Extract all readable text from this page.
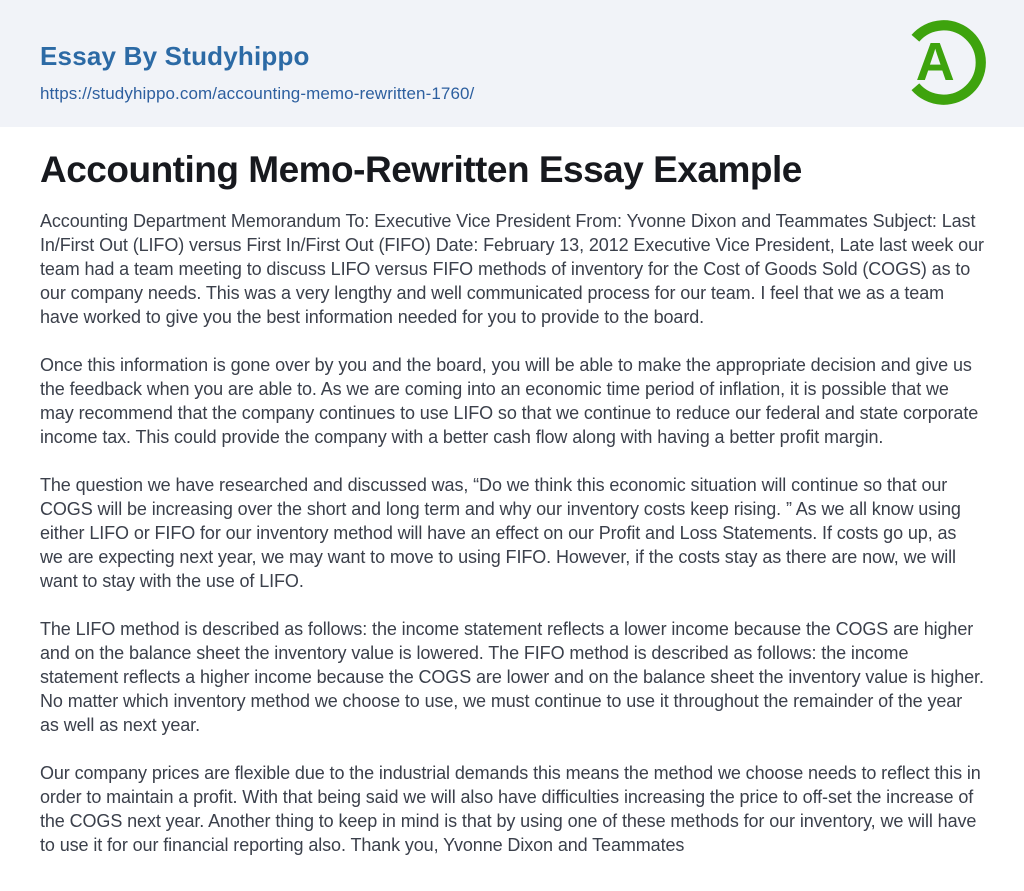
Essay By Studyhippo
https://studyhippo.com/accounting-memo-rewritten-1760/
A
Accounting Memo-Rewritten Essay Example

Accounting Department Memorandum To: Executive Vice President From: Yvonne Dixon and Teammates Subject: Last In/First Out (LIFO) versus First In/First Out (FIFO) Date: February 13, 2012 Executive Vice President, Late last week our team had a team meeting to discuss LIFO versus FIFO methods of inventory for the Cost of Goods Sold (COGS) as to our company needs. This was a very lengthy and well communicated process for our team. I feel that we as a team have worked to give you the best information needed for you to provide to the board.

Once this information is gone over by you and the board, you will be able to make the appropriate decision and give us the feedback when you are able to. As we are coming into an economic time period of inflation, it is possible that we may recommend that the company continues to use LIFO so that we continue to reduce our federal and state corporate income tax. This could provide the company with a better cash flow along with having a better profit margin.

The question we have researched and discussed was, “Do we think this economic situation will continue so that our COGS will be increasing over the short and long term and why our inventory costs keep rising. ” As we all know using either LIFO or FIFO for our inventory method will have an effect on our Profit and Loss Statements. If costs go up, as we are expecting next year, we may want to move to using FIFO. However, if the costs stay as there are now, we will want to stay with the use of LIFO.

The LIFO method is described as follows: the income statement reflects a lower income because the COGS are higher and on the balance sheet the inventory value is lowered. The FIFO method is described as follows: the income statement reflects a higher income because the COGS are lower and on the balance sheet the inventory value is higher. No matter which inventory method we choose to use, we must continue to use it throughout the remainder of the year as well as next year.

Our company prices are flexible due to the industrial demands this means the method we choose needs to reflect this in order to maintain a profit. With that being said we will also have difficulties increasing the price to off-set the increase of the COGS next year. Another thing to keep in mind is that by using one of these methods for our inventory, we will have to use it for our financial reporting also. Thank you, Yvonne Dixon and Teammates
